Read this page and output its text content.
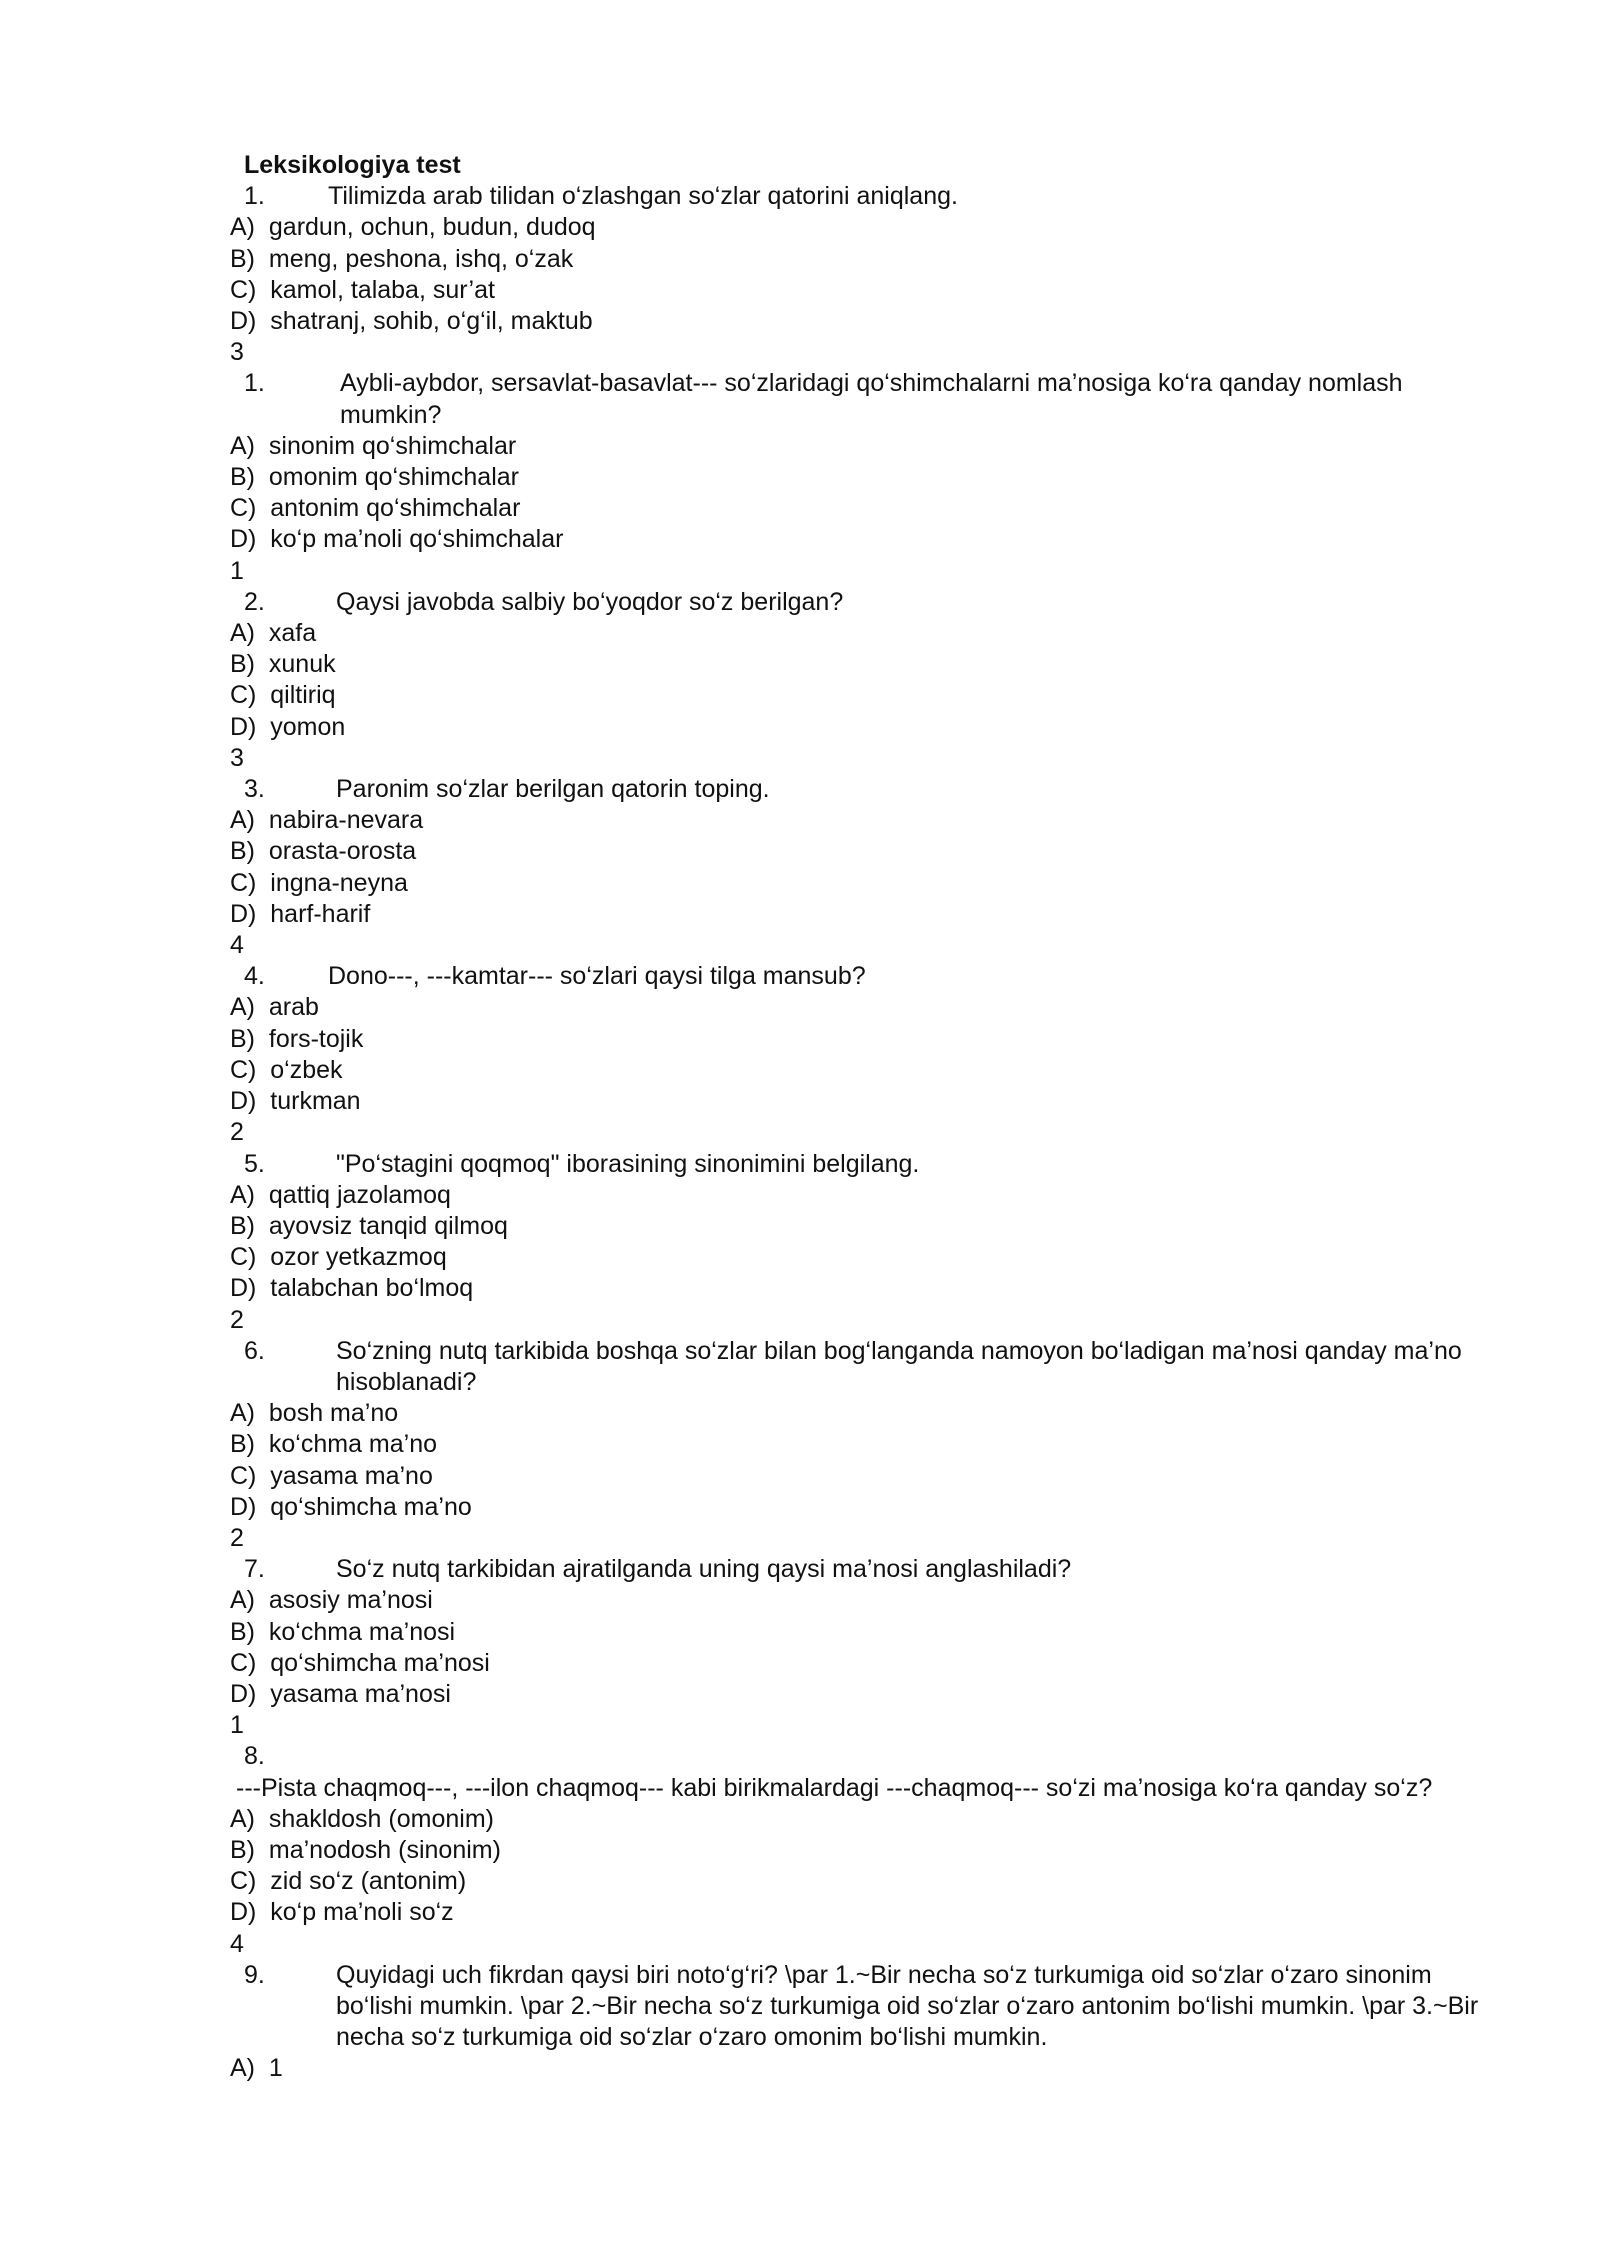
Leksikologiya test
1.	Tilimizda arab tilidan o‘zlashgan so‘zlar qatorini aniqlang.
A)  gardun, ochun, budun, dudoq
B)  meng, peshona, ishq, o‘zak
C)  kamol, talaba, sur’at
D)  shatranj, sohib, o‘g‘il, maktub
3
1.	Aybli-aybdor, sersavlat-basavlat--- so‘zlaridagi qo‘shimchalarni ma’nosiga ko‘ra qanday nomlash mumkin?
A)  sinonim qo‘shimchalar
B)  omonim qo‘shimchalar
C)  antonim qo‘shimchalar
D)  ko‘p ma’noli qo‘shimchalar
1
2.	Qaysi javobda salbiy bo‘yoqdor so‘z berilgan?
A)  xafa
B)  xunuk
C)  qiltiriq
D)  yomon
3
3.	Paronim so‘zlar berilgan qatorin toping.
A)  nabira-nevara
B)  orasta-orosta
C)  ingna-neyna
D)  harf-harif
4
4.	Dono---, ---kamtar--- so‘zlari qaysi tilga mansub?
A)  arab
B)  fors-tojik
C)  o‘zbek
D)  turkman
2
5.	"Po‘stagini qoqmoq" iborasining sinonimini belgilang.
A)  qattiq jazolamoq
B)  ayovsiz tanqid qilmoq
C)  ozor yetkazmoq
D)  talabchan bo‘lmoq
2
6.	So‘zning nutq tarkibida boshqa so‘zlar bilan bog‘langanda namoyon bo‘ladigan ma’nosi qanday ma’no hisoblanadi?
A)  bosh ma’no
B)  ko‘chma ma’no
C)  yasama ma’no
D)  qo‘shimcha ma’no
2
7.	So‘z nutq tarkibidan ajratilganda uning qaysi ma’nosi anglashiladi?
A)  asosiy ma’nosi
B)  ko‘chma ma’nosi
C)  qo‘shimcha ma’nosi
D)  yasama ma’nosi
1
8.
---Pista chaqmoq---, ---ilon chaqmoq--- kabi birikmalardagi ---chaqmoq--- so‘zi ma’nosiga ko‘ra qanday so‘z?
A)  shakldosh (omonim)
B)  ma’nodosh (sinonim)
C)  zid so‘z (antonim)
D)  ko‘p ma’noli so‘z
4
9.	Quyidagi uch fikrdan qaysi biri noto‘g‘ri? \par 1.~Bir necha so‘z turkumiga oid so‘zlar o‘zaro sinonim bo‘lishi mumkin. \par 2.~Bir necha so‘z turkumiga oid so‘zlar o‘zaro antonim bo‘lishi mumkin. \par 3.~Bir necha so‘z turkumiga oid so‘zlar o‘zaro omonim bo‘lishi mumkin.
A)  1
